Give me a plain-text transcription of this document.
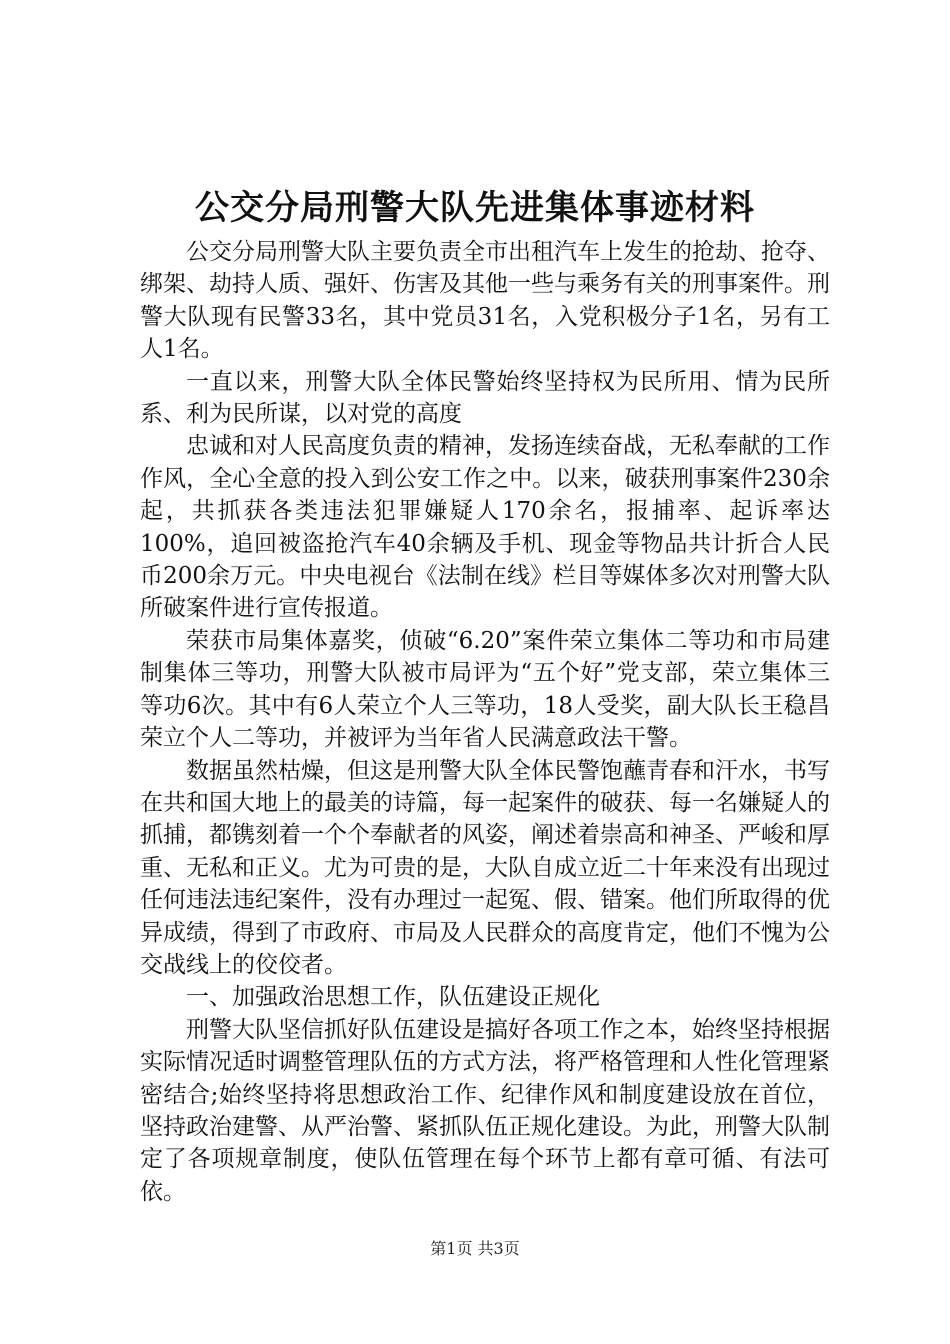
公交分局刑警大队先进集体事迹材料

公交分局刑警大队主要负责全市出租汽车上发生的抢劫、抢夺、绑架、劫持人质、强奸、伤害及其他一些与乘务有关的刑事案件。刑警大队现有民警33名，其中党员31名，入党积极分子1名，另有工人1名。

一直以来，刑警大队全体民警始终坚持权为民所用、情为民所系、利为民所谋，以对党的高度

忠诚和对人民高度负责的精神，发扬连续奋战，无私奉献的工作作风，全心全意的投入到公安工作之中。以来，破获刑事案件230余起，共抓获各类违法犯罪嫌疑人170余名，报捕率、起诉率达100%，追回被盗抢汽车40余辆及手机、现金等物品共计折合人民币200余万元。中央电视台《法制在线》栏目等媒体多次对刑警大队所破案件进行宣传报道。

荣获市局集体嘉奖，侦破“6.20”案件荣立集体二等功和市局建制集体三等功，刑警大队被市局评为“五个好”党支部，荣立集体三等功6次。其中有6人荣立个人三等功，18人受奖，副大队长王稳昌荣立个人二等功，并被评为当年省人民满意政法干警。

数据虽然枯燥，但这是刑警大队全体民警饱蘸青春和汗水，书写在共和国大地上的最美的诗篇，每一起案件的破获、每一名嫌疑人的抓捕，都镌刻着一个个奉献者的风姿，阐述着崇高和神圣、严峻和厚重、无私和正义。尤为可贵的是，大队自成立近二十年来没有出现过任何违法违纪案件，没有办理过一起冤、假、错案。他们所取得的优异成绩，得到了市政府、市局及人民群众的高度肯定，他们不愧为公交战线上的佼佼者。

一、加强政治思想工作，队伍建设正规化

刑警大队坚信抓好队伍建设是搞好各项工作之本，始终坚持根据实际情况适时调整管理队伍的方式方法，将严格管理和人性化管理紧密结合;始终坚持将思想政治工作、纪律作风和制度建设放在首位，坚持政治建警、从严治警、紧抓队伍正规化建设。为此，刑警大队制定了各项规章制度，使队伍管理在每个环节上都有章可循、有法可依。

第1页 共3页
